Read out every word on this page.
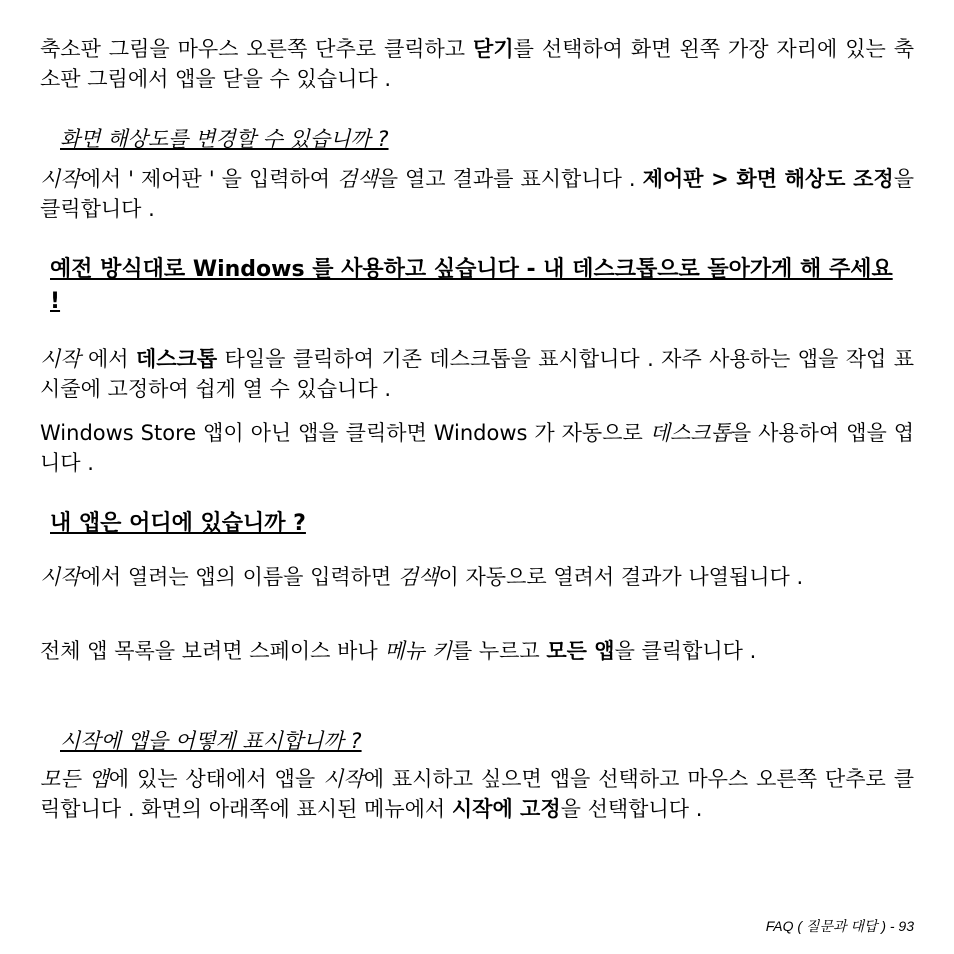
축소판 그림을 마우스 오른쪽 단추로 클릭하고 닫기를 선택하여 화면 왼쪽 가장 자리에 있는 축소판 그림에서 앱을 닫을 수 있습니다 .

화면 해상도를 변경할 수 있습니까 ?

시작에서 ' 제어판 ' 을 입력하여 검색을 열고 결과를 표시합니다 . 제어판 > 화면 해상도 조정을 클릭합니다 .

예전 방식대로 Windows 를 사용하고 싶습니다 - 내 데스크톱으로 돌아가게 해 주세요 !

시작 에서 데스크톱 타일을 클릭하여 기존 데스크톱을 표시합니다 . 자주 사용하는 앱을 작업 표시줄에 고정하여 쉽게 열 수 있습니다 .

Windows Store 앱이 아닌 앱을 클릭하면 Windows 가 자동으로 데스크톱을 사용하여 앱을 엽니다 .

내 앱은 어디에 있습니까 ?

시작에서 열려는 앱의 이름을 입력하면 검색이 자동으로 열려서 결과가 나열됩니다 .

전체 앱 목록을 보려면 스페이스 바나 메뉴 키를 누르고 모든 앱을 클릭합니다 .

시작에 앱을 어떻게 표시합니까 ?

모든 앱에 있는 상태에서 앱을 시작에 표시하고 싶으면 앱을 선택하고 마우스 오른쪽 단추로 클릭합니다 . 화면의 아래쪽에 표시된 메뉴에서 시작에 고정을 선택합니다 .

FAQ ( 질문과 대답 ) - 93
